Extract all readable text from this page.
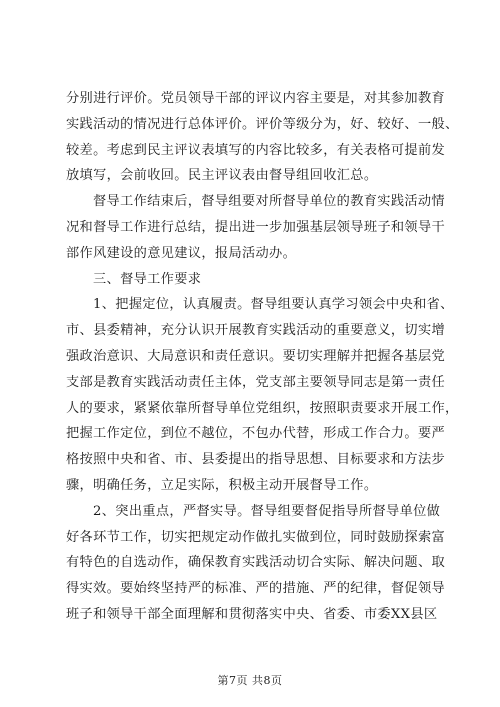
分别进行评价。党员领导干部的评议内容主要是，对其参加教育
实践活动的情况进行总体评价。评价等级分为，好、较好、一般、
较差。考虑到民主评议表填写的内容比较多，有关表格可提前发
放填写，会前收回。民主评议表由督导组回收汇总。
督导工作结束后，督导组要对所督导单位的教育实践活动情
况和督导工作进行总结，提出进一步加强基层领导班子和领导干
部作风建设的意见建议，报局活动办。
三、督导工作要求
1、把握定位，认真履责。督导组要认真学习领会中央和省、
市、县委精神，充分认识开展教育实践活动的重要意义，切实增
强政治意识、大局意识和责任意识。要切实理解并把握各基层党
支部是教育实践活动责任主体，党支部主要领导同志是第一责任
人的要求，紧紧依靠所督导单位党组织，按照职责要求开展工作，
把握工作定位，到位不越位，不包办代替，形成工作合力。要严
格按照中央和省、市、县委提出的指导思想、目标要求和方法步
骤，明确任务，立足实际，积极主动开展督导工作。
2、突出重点，严督实导。督导组要督促指导所督导单位做
好各环节工作，切实把规定动作做扎实做到位，同时鼓励探索富
有特色的自选动作，确保教育实践活动切合实际、解决问题、取
得实效。要始终坚持严的标准、严的措施、严的纪律，督促领导
班子和领导干部全面理解和贯彻落实中央、省委、市委XX县区
第7页 共8页
